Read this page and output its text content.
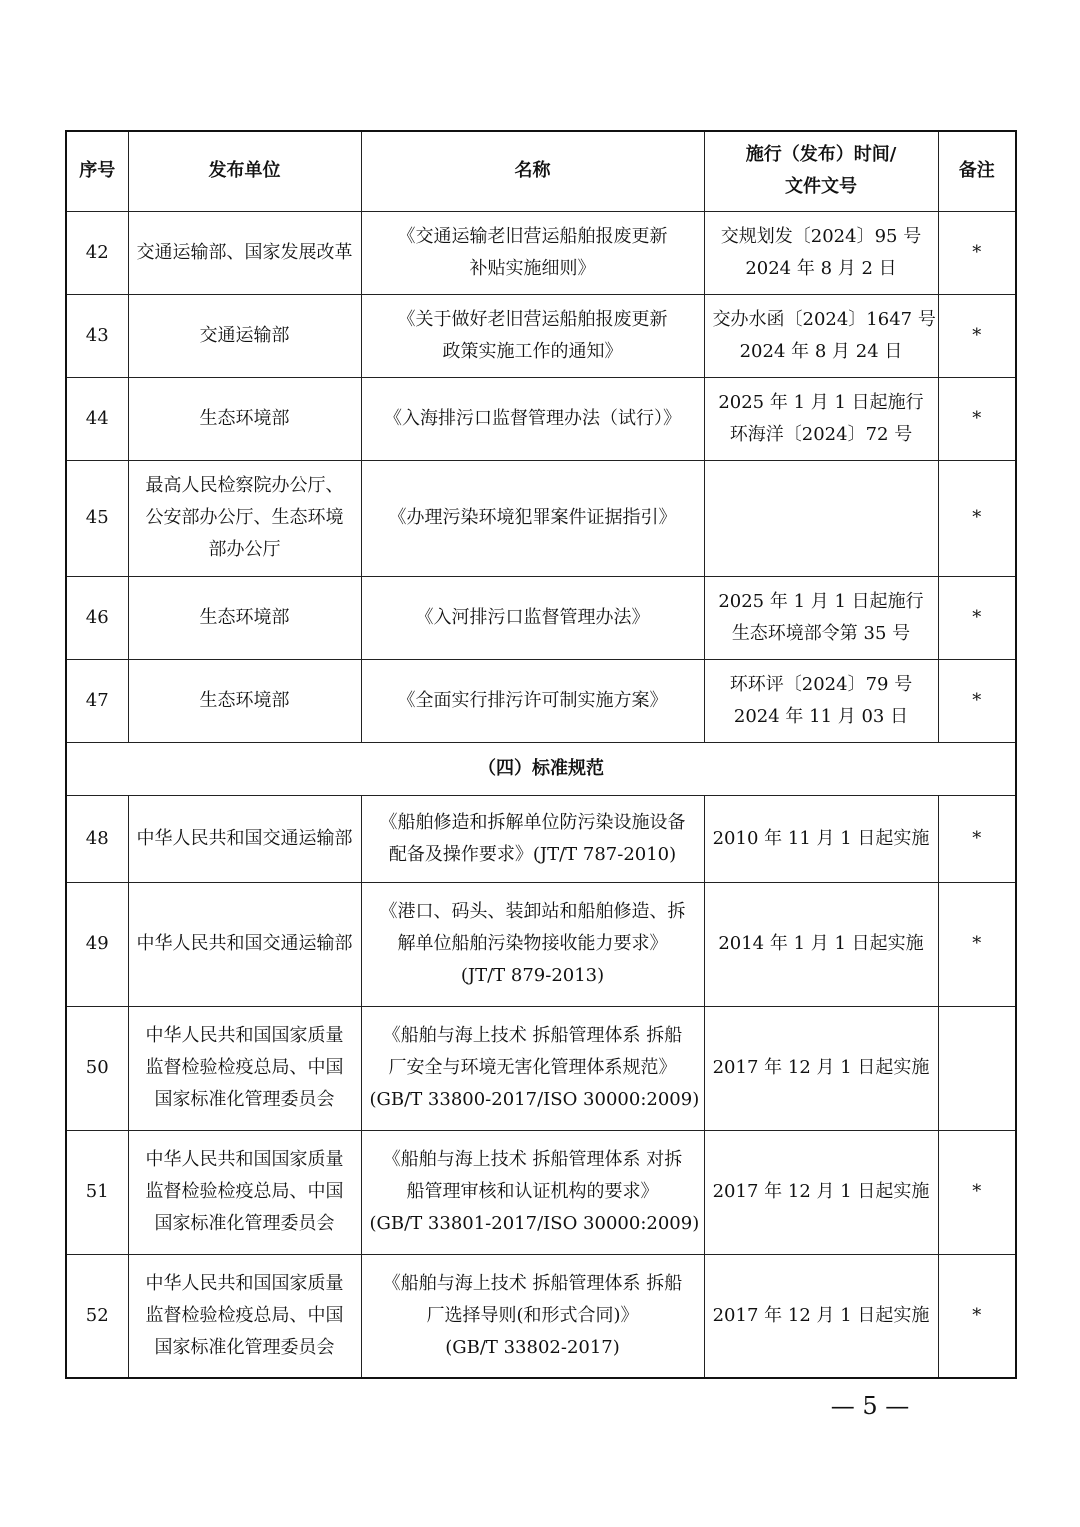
序号	发布单位	名称	施行（发布）时间/
文件文号	备注
42	交通运输部、国家发展改革	《交通运输老旧营运船舶报废更新
补贴实施细则》	交规划发〔2024〕95 号
2024 年 8 月 2 日	*
43	交通运输部	《关于做好老旧营运船舶报废更新
政策实施工作的通知》	交办水函〔2024〕1647 号
2024 年 8 月 24 日	*
44	生态环境部	《入海排污口监督管理办法（试行）》	2025 年 1 月 1 日起施行
环海洋〔2024〕72 号	*
45	最高人民检察院办公厅、
公安部办公厅、生态环境
部办公厅	《办理污染环境犯罪案件证据指引》		*
46	生态环境部	《入河排污口监督管理办法》	2025 年 1 月 1 日起施行
生态环境部令第 35 号	*
47	生态环境部	《全面实行排污许可制实施方案》	环环评〔2024〕79 号
2024 年 11 月 03 日	*
（四）标准规范				
48	中华人民共和国交通运输部	《船舶修造和拆解单位防污染设施设备
配备及操作要求》(JT/T 787-2010)	2010 年 11 月 1 日起实施	*
49	中华人民共和国交通运输部	《港口、码头、装卸站和船舶修造、拆
解单位船舶污染物接收能力要求》
(JT/T 879-2013)	2014 年 1 月 1 日起实施	*
50	中华人民共和国国家质量
监督检验检疫总局、中国
国家标准化管理委员会	《船舶与海上技术 拆船管理体系 拆船
厂安全与环境无害化管理体系规范》
(GB/T 33800-2017/ISO 30000:2009)	2017 年 12 月 1 日起实施	

51	中华人民共和国国家质量
监督检验检疫总局、中国
国家标准化管理委员会	《船舶与海上技术 拆船管理体系 对拆
船管理审核和认证机构的要求》
(GB/T 33801-2017/ISO 30000:2009)	2017 年 12 月 1 日起实施	*
52	中华人民共和国国家质量
监督检验检疫总局、中国
国家标准化管理委员会	《船舶与海上技术 拆船管理体系 拆船
厂选择导则(和形式合同)》
(GB/T 33802-2017)	2017 年 12 月 1 日起实施	*
— 5 —
